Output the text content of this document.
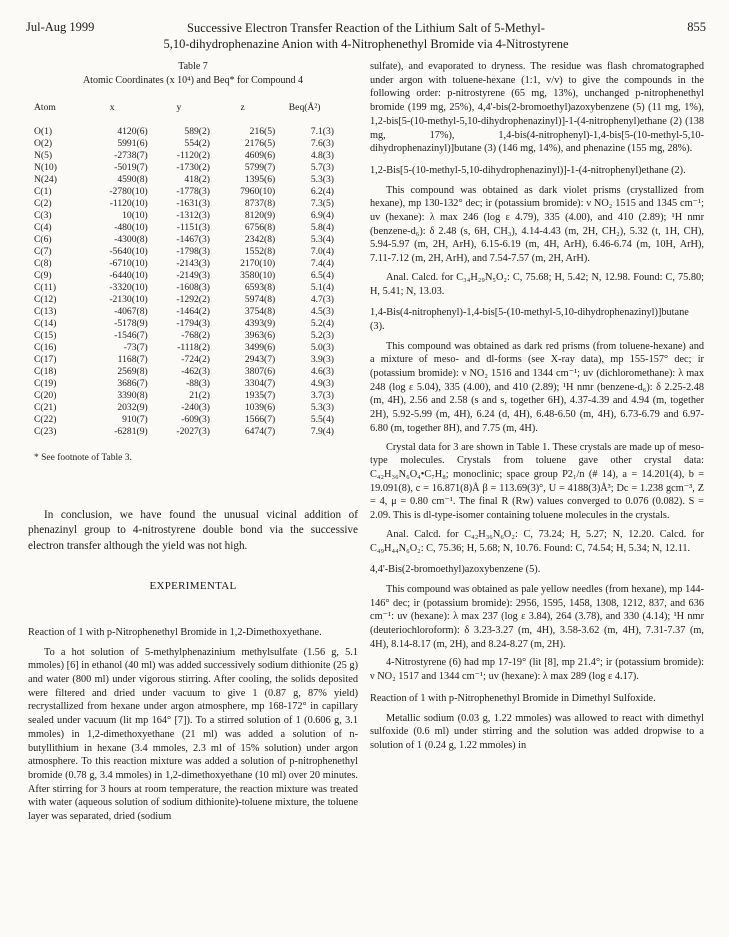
Jul-Aug 1999	Successive Electron Transfer Reaction of the Lithium Salt of 5-Methyl-
5,10-dihydrophenazine Anion with 4-Nitrophenethyl Bromide via 4-Nitrostyrene
855
Table 7
Atomic Coordinates (x 10⁴) and Beq* for Compound 4
Atom	x	y	z	Beq(Å²)
O(1)	4120(6)	589(2)	216(5)	7.1(3)
O(2)	5991(6)	554(2)	2176(5)	7.6(3)
N(5)	-2738(7)	-1120(2)	4609(6)	4.8(3)
N(10)	-5019(7)	-1730(2)	5799(7)	5.7(3)
N(24)	4590(8)	418(2)	1395(6)	5.3(3)
C(1)	-2780(10)	-1778(3)	7960(10)	6.2(4)
C(2)	-1120(10)	-1631(3)	8737(8)	7.3(5)
C(3)	10(10)	-1312(3)	8120(9)	6.9(4)
C(4)	-480(10)	-1151(3)	6756(8)	5.8(4)
C(6)	-4300(8)	-1467(3)	2342(8)	5.3(4)
C(7)	-5640(10)	-1798(3)	1552(8)	7.0(4)
C(8)	-6710(10)	-2143(3)	2170(10)	7.4(4)
C(9)	-6440(10)	-2149(3)	3580(10)	6.5(4)
C(11)	-3320(10)	-1608(3)	6593(8)	5.1(4)
C(12)	-2130(10)	-1292(2)	5974(8)	4.7(3)
C(13)	-4067(8)	-1464(2)	3754(8)	4.5(3)
C(14)	-5178(9)	-1794(3)	4393(9)	5.2(4)
C(15)	-1546(7)	-768(2)	3963(6)	5.2(3)
C(16)	-73(7)	-1118(2)	3499(6)	5.0(3)
C(17)	1168(7)	-724(2)	2943(7)	3.9(3)
C(18)	2569(8)	-462(3)	3807(6)	4.6(3)
C(19)	3686(7)	-88(3)	3304(7)	4.9(3)
C(20)	3390(8)	21(2)	1935(7)	3.7(3)
C(21)	2032(9)	-240(3)	1039(6)	5.3(3)
C(22)	910(7)	-609(3)	1566(7)	5.5(4)
C(23)	-6281(9)	-2027(3)	6474(7)	7.9(4)
* See footnote of Table 3.

In conclusion, we have found the unusual vicinal addition of phenazinyl group to 4-nitrostyrene double bond via the successive electron transfer although the yield was not high.

EXPERIMENTAL

Reaction of 1 with p-Nitrophenethyl Bromide in 1,2-Dimethoxyethane.

To a hot solution of 5-methylphenazinium methylsulfate (1.56 g, 5.1 mmoles) [6] in ethanol (40 ml) was added successively sodium dithionite (25 g) and water (800 ml) under vigorous stirring. After cooling, the solids deposited were filtered and dried under vacuum to give 1 (0.87 g, 87% yield) recrystallized from hexane under argon atmosphere, mp 168-172° in capillary sealed under vacuum (lit mp 164° [7]). To a stirred solution of 1 (0.606 g, 3.1 mmoles) in 1,2-dimethoxyethane (21 ml) was added a solution of n-butyllithium in hexane (3.4 mmoles, 2.3 ml of 15% solution) under argon atmosphere. To this reaction mixture was added a solution of p-nitrophenethyl bromide (0.78 g, 3.4 mmoles) in 1,2-dimethoxyethane (10 ml) over 20 minutes. After stirring for 3 hours at room temperature, the reaction mixture was treated with water (aqueous solution of sodium dithionite)-toluene mixture, the toluene layer was separated, dried (sodium

sulfate), and evaporated to dryness. The residue was flash chromatographed under argon with toluene-hexane (1:1, v/v) to give the compounds in the following order: p-nitrostyrene (65 mg, 13%), unchanged p-nitrophenethyl bromide (199 mg, 25%), 4,4'-bis(2-bromoethyl)azoxybenzene (5) (11 mg, 1%), 1,2-bis[5-(10-methyl-5,10-dihydrophenazinyl)]-1-(4-nitrophenyl)ethane (2) (138 mg, 17%), 1,4-bis(4-nitrophenyl)-1,4-bis[5-(10-methyl-5,10-dihydrophenazinyl)]butane (3) (146 mg, 14%), and phenazine (155 mg, 28%).

1,2-Bis[5-(10-methyl-5,10-dihydrophenazinyl)]-1-(4-nitrophenyl)ethane (2).

This compound was obtained as dark violet prisms (crystallized from hexane), mp 130-132° dec; ir (potassium bromide): ν NO₂ 1515 and 1345 cm⁻¹; uv (hexane): λ max 246 (log ε 4.79), 335 (4.00), and 410 (2.89); ¹H nmr (benzene-d₆): δ 2.48 (s, 6H, CH₃), 4.14-4.43 (m, 2H, CH₂), 5.32 (t, 1H, CH), 5.94-5.97 (m, 2H, ArH), 6.15-6.19 (m, 4H, ArH), 6.46-6.74 (m, 10H, ArH), 7.11-7.12 (m, 2H, ArH), and 7.54-7.57 (m, 2H, ArH).

Anal. Calcd. for C₃₄H₂₉N₅O₂: C, 75.68; H, 5.42; N, 12.98. Found: C, 75.80; H, 5.41; N, 13.03.

1,4-Bis(4-nitrophenyl)-1,4-bis[5-(10-methyl-5,10-dihydrophenazinyl)]butane (3).

This compound was obtained as dark red prisms (from toluene-hexane) and a mixture of meso- and dl-forms (see X-ray data), mp 155-157° dec; ir (potassium bromide): ν NO₂ 1516 and 1344 cm⁻¹; uv (dichloromethane): λ max 248 (log ε 5.04), 335 (4.00), and 410 (2.89); ¹H nmr (benzene-d₆): δ 2.25-2.48 (m, 4H), 2.56 and 2.58 (s and s, together 6H), 4.37-4.39 and 4.94 (m, together 2H), 5.92-5.99 (m, 4H), 6.24 (d, 4H), 6.48-6.50 (m, 4H), 6.73-6.79 and 6.97-6.80 (m, together 8H), and 7.75 (m, 4H).

Crystal data for 3 are shown in Table 1. These crystals are made up of meso-type molecules. Crystals from toluene gave other crystal data: C₄₂H₃₆N₆O₄•C₇H₈; monoclinic; space group P2₁/n (# 14), a = 14.201(4), b = 19.091(8), c = 16.871(8)Å β = 113.69(3)°, U = 4188(3)Å³; Dc = 1.238 gcm⁻³, Z = 4, μ = 0.80 cm⁻¹. The final R (Rw) values converged to 0.076 (0.082). S = 2.09. This is dl-type-isomer containing toluene molecules in the crystals.

Anal. Calcd. for C₄₂H₃₆N₆O₂: C, 73.24; H, 5.27; N, 12.20. Calcd. for C₄₉H₄₄N₆O₂: C, 75.36; H, 5.68; N, 10.76. Found: C, 74.54; H, 5.34; N, 12.11.

4,4'-Bis(2-bromoethyl)azoxybenzene (5).

This compound was obtained as pale yellow needles (from hexane), mp 144-146° dec; ir (potassium bromide): 2956, 1595, 1458, 1308, 1212, 837, and 636 cm⁻¹: uv (hexane): λ max 237 (log ε 3.84), 264 (3.78), and 330 (4.14); ¹H nmr (deuteriochloroform): δ 3.23-3.27 (m, 4H), 3.58-3.62 (m, 4H), 7.31-7.37 (m, 4H), 8.14-8.17 (m, 2H), and 8.24-8.27 (m, 2H).

4-Nitrostyrene (6) had mp 17-19° (lit [8], mp 21.4°; ir (potassium bromide): ν NO₂ 1517 and 1344 cm⁻¹; uv (hexane): λ max 289 (log ε 4.17).

Reaction of 1 with p-Nitrophenethyl Bromide in Dimethyl Sulfoxide.

Metallic sodium (0.03 g, 1.22 mmoles) was allowed to react with dimethyl sulfoxide (0.6 ml) under stirring and the solution was added dropwise to a solution of 1 (0.24 g, 1.22 mmoles) in
